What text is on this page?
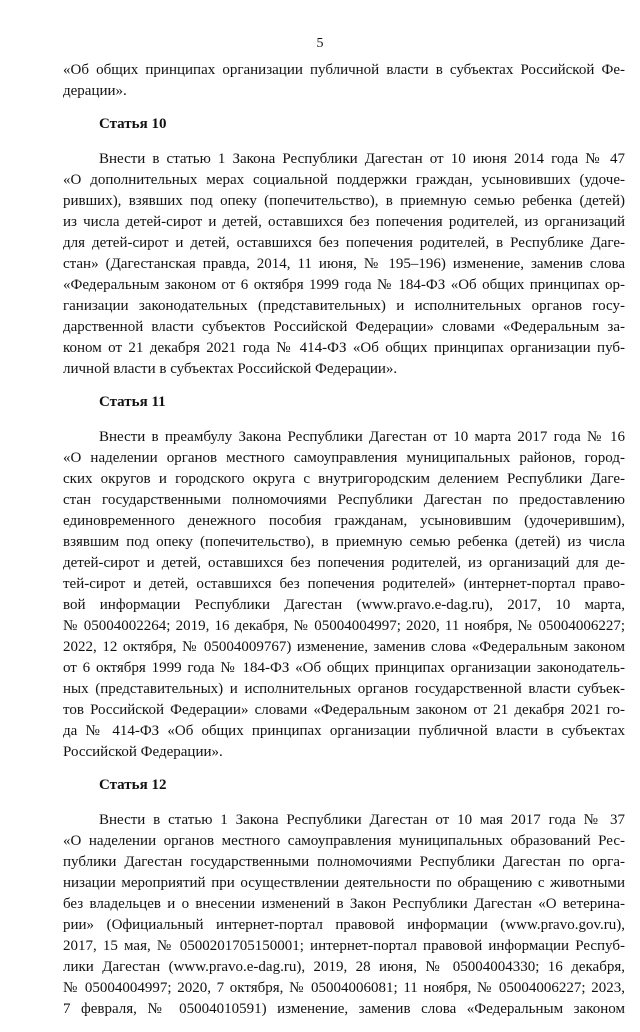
5
«Об общих принципах организации публичной власти в субъектах Российской Фе-
дерации».
Статья 10
Внести в статью 1 Закона Республики Дагестан от 10 июня 2014 года № 47
«О дополнительных мерах социальной поддержки граждан, усыновивших (удоче-
ривших), взявших под опеку (попечительство), в приемную семью ребенка (детей)
из числа детей-сирот и детей, оставшихся без попечения родителей, из организаций
для детей-сирот и детей, оставшихся без попечения родителей, в Республике Даге-
стан» (Дагестанская правда, 2014, 11 июня, № 195–196) изменение, заменив слова
«Федеральным законом от 6 октября 1999 года № 184-ФЗ «Об общих принципах ор-
ганизации законодательных (представительных) и исполнительных органов госу-
дарственной власти субъектов Российской Федерации» словами «Федеральным за-
коном от 21 декабря 2021 года № 414-ФЗ «Об общих принципах организации пуб-
личной власти в субъектах Российской Федерации».
Статья 11
Внести в преамбулу Закона Республики Дагестан от 10 марта 2017 года № 16
«О наделении органов местного самоуправления муниципальных районов, город-
ских округов и городского округа с внутригородским делением Республики Даге-
стан государственными полномочиями Республики Дагестан по предоставлению
единовременного денежного пособия гражданам, усыновившим (удочерившим),
взявшим под опеку (попечительство), в приемную семью ребенка (детей) из числа
детей-сирот и детей, оставшихся без попечения родителей, из организаций для де-
тей-сирот и детей, оставшихся без попечения родителей» (интернет-портал право-
вой информации Республики Дагестан (www.pravo.e-dag.ru), 2017, 10 марта,
№ 05004002264; 2019, 16 декабря, № 05004004997; 2020, 11 ноября, № 05004006227;
2022, 12 октября, № 05004009767) изменение, заменив слова «Федеральным законом
от 6 октября 1999 года № 184-ФЗ «Об общих принципах организации законодатель-
ных (представительных) и исполнительных органов государственной власти субъек-
тов Российской Федерации» словами «Федеральным законом от 21 декабря 2021 го-
да № 414-ФЗ «Об общих принципах организации публичной власти в субъектах
Российской Федерации».
Статья 12
Внести в статью 1 Закона Республики Дагестан от 10 мая 2017 года № 37
«О наделении органов местного самоуправления муниципальных образований Рес-
публики Дагестан государственными полномочиями Республики Дагестан по орга-
низации мероприятий при осуществлении деятельности по обращению с животными
без владельцев и о внесении изменений в Закон Республики Дагестан «О ветерина-
рии» (Официальный интернет-портал правовой информации (www.pravo.gov.ru),
2017, 15 мая, № 0500201705150001; интернет-портал правовой информации Респуб-
лики Дагестан (www.pravo.e-dag.ru), 2019, 28 июня, № 05004004330; 16 декабря,
№ 05004004997; 2020, 7 октября, № 05004006081; 11 ноября, № 05004006227; 2023,
7 февраля, № 05004010591) изменение, заменив слова «Федеральным законом
